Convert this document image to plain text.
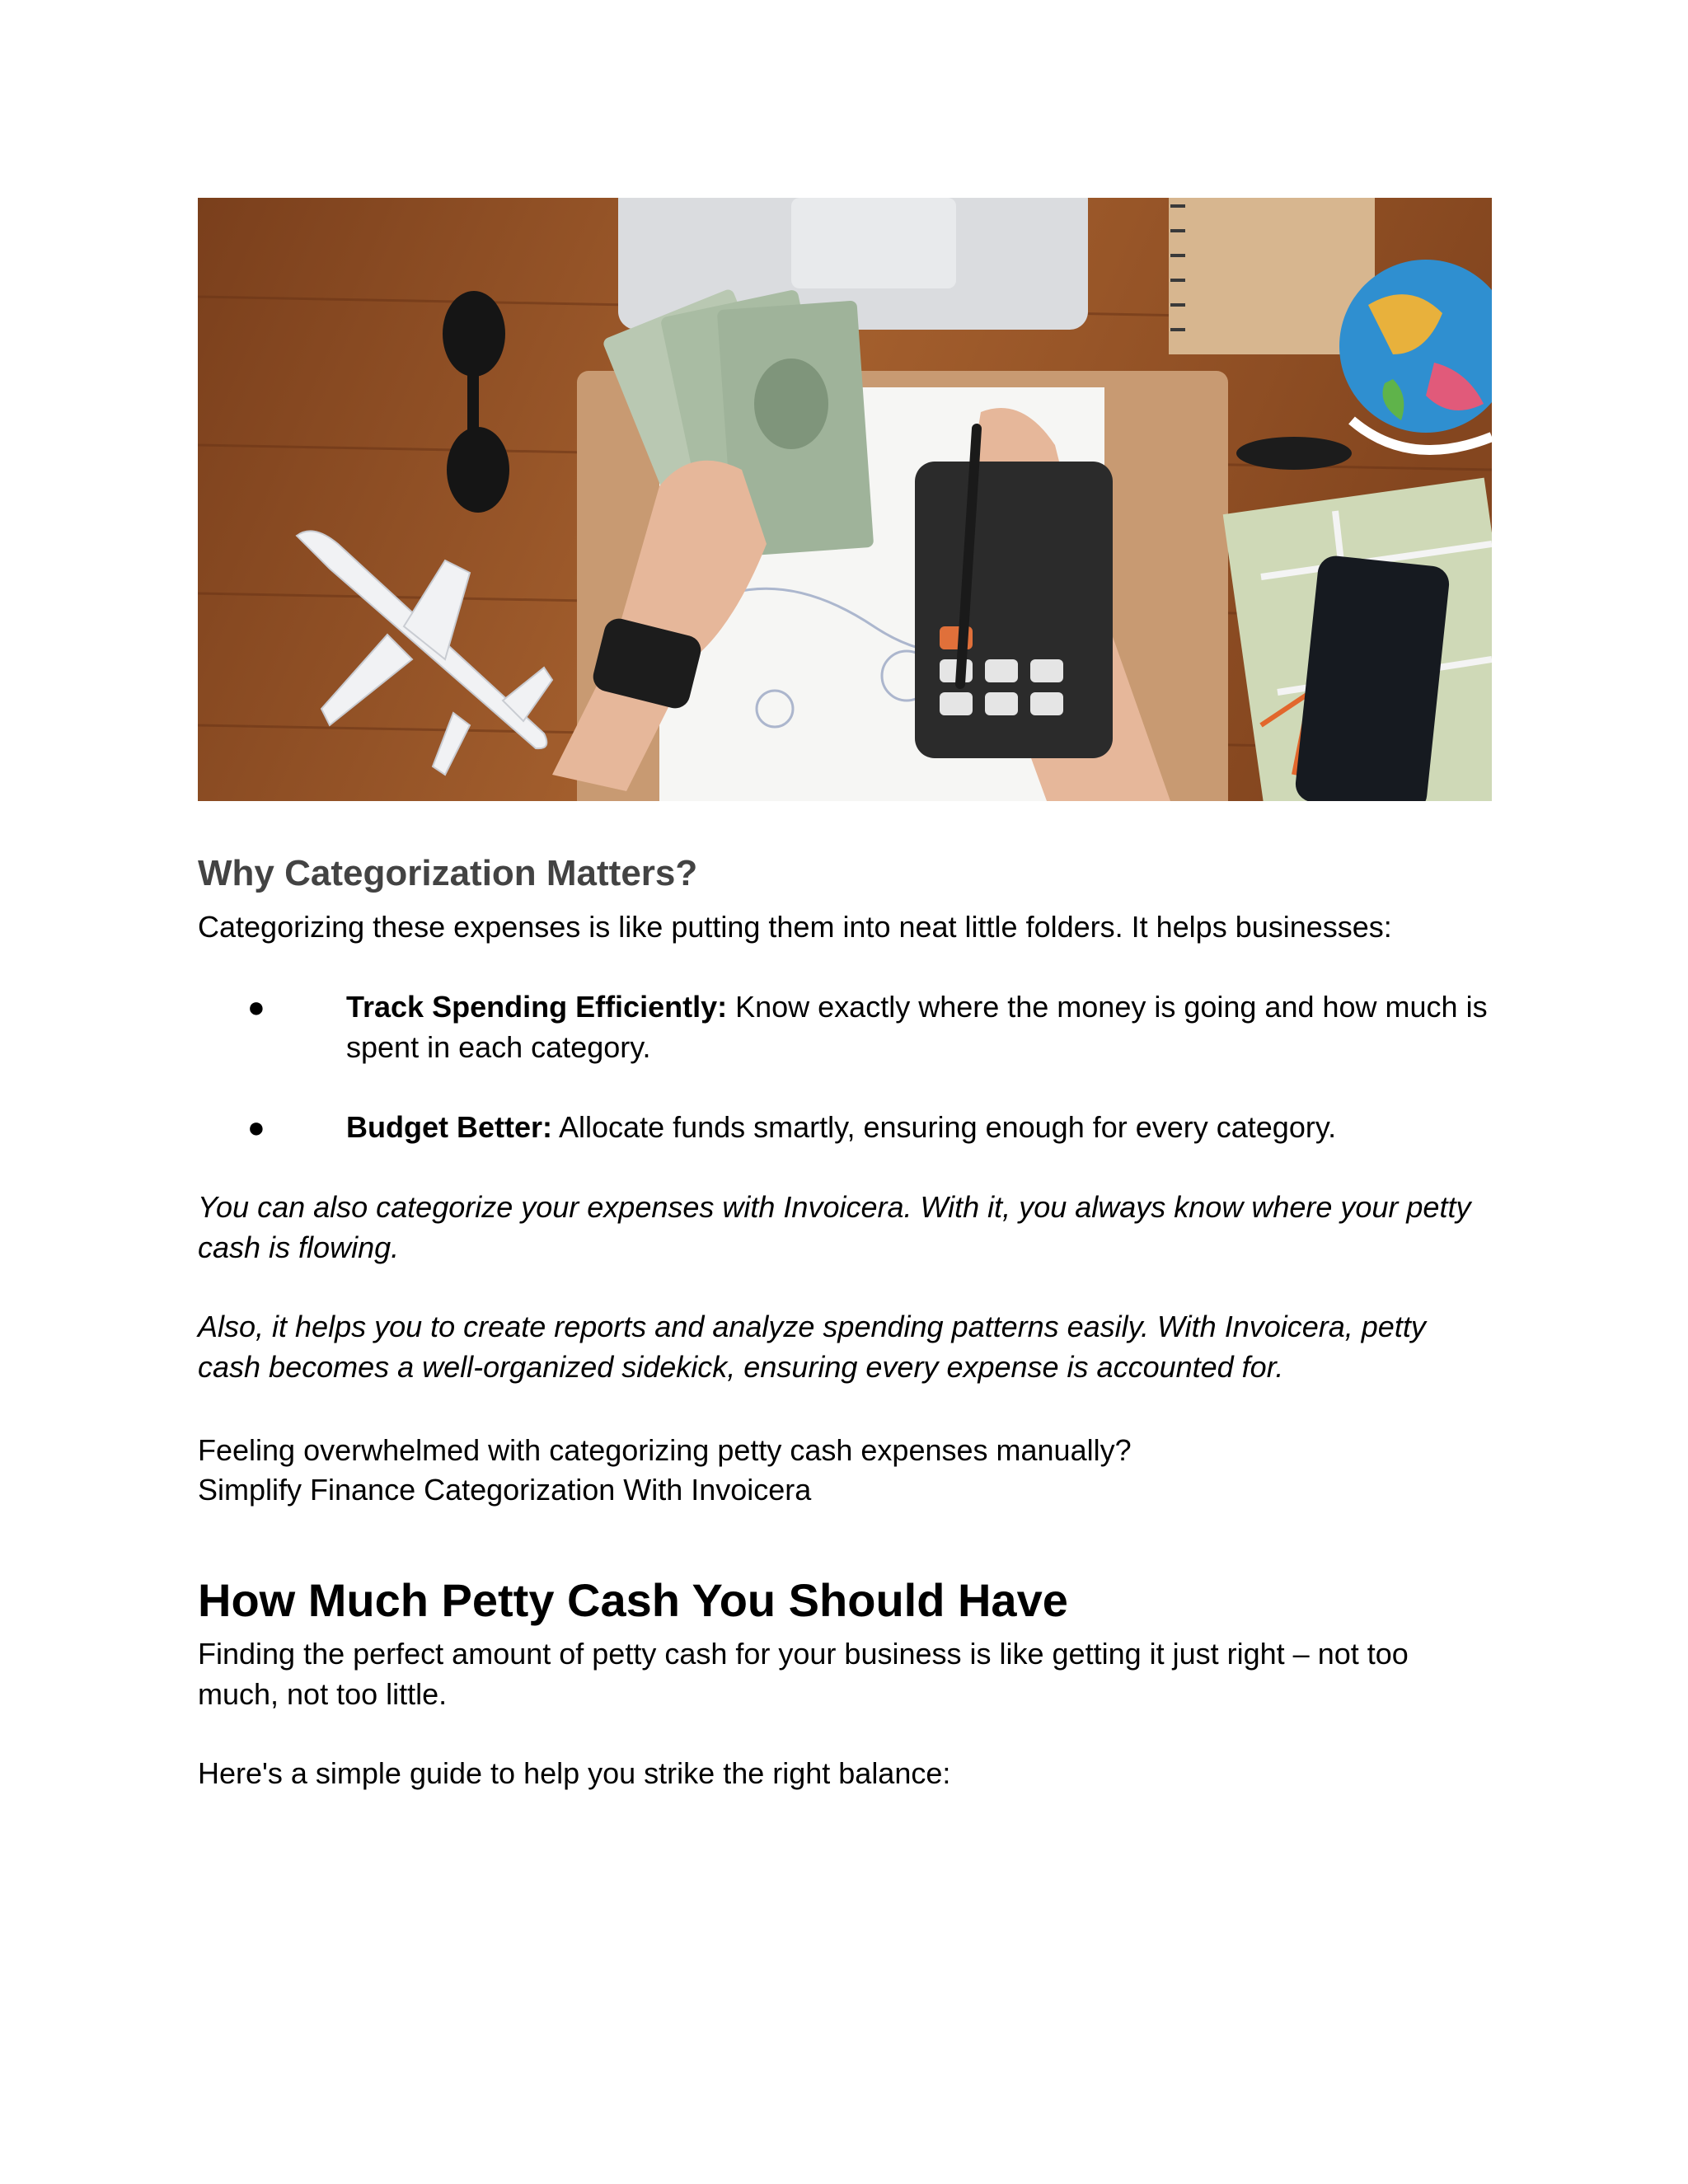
Why Categorization Matters?

Categorizing these expenses is like putting them into neat little folders. It helps businesses:

●	Track Spending Efficiently: Know exactly where the money is going and how much is spent in each category.
●	Budget Better: Allocate funds smartly, ensuring enough for every category.

You can also categorize your expenses with Invoicera. With it, you always know where your petty cash is flowing.

Also, it helps you to create reports and analyze spending patterns easily. With Invoicera, petty cash becomes a well-organized sidekick, ensuring every expense is accounted for.

Feeling overwhelmed with categorizing petty cash expenses manually?

Simplify Finance Categorization With Invoicera

How Much Petty Cash You Should Have

Finding the perfect amount of petty cash for your business is like getting it just right – not too much, not too little.

Here's a simple guide to help you strike the right balance:
